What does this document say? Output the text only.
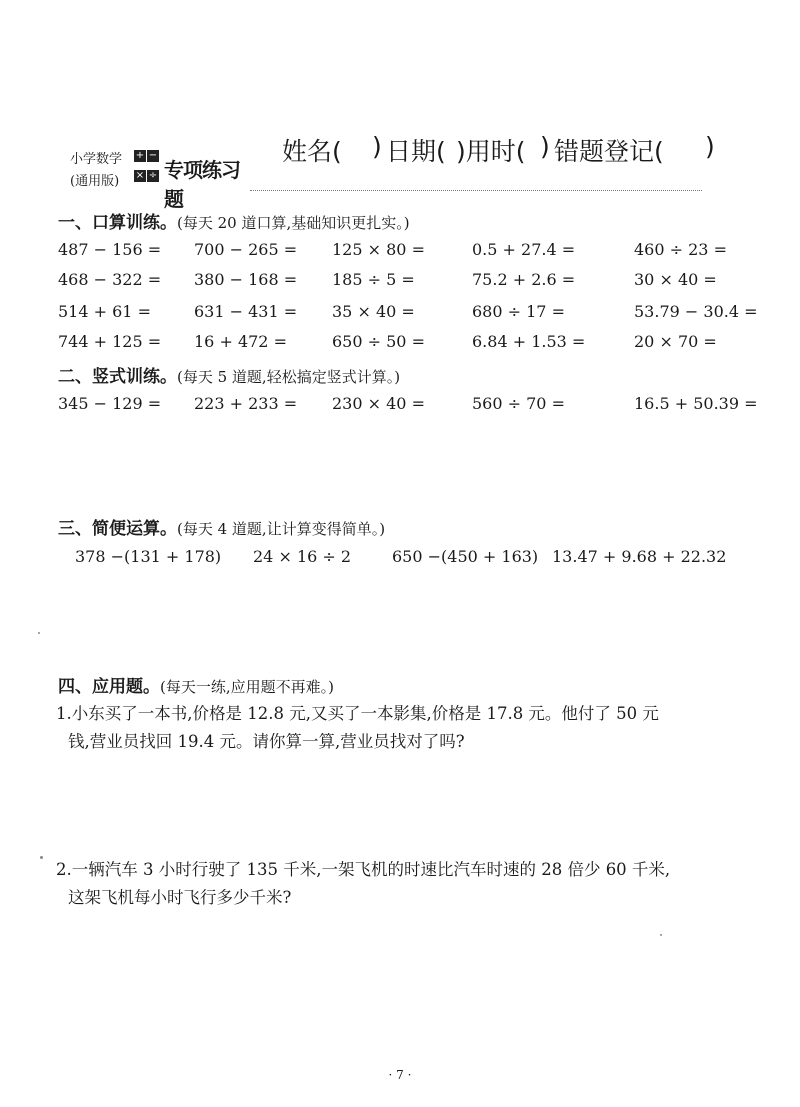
小学数学
(通用版)
+ −
× ÷ 专项练习题
姓名( ) 日期( )用时( ) 错题登记( )
一、口算训练。(每天 20 道口算,基础知识更扎实。)
487 − 156 = 700 − 265 = 125 × 80 =	0.5 + 27.4 =	460 ÷ 23 =
468 − 322 = 380 − 168 = 185 ÷ 5 =	75.2 + 2.6 =	30 × 40 =
514 + 61 =	631 − 431 = 35 × 40 =	680 ÷ 17 =	53.79 − 30.4 =
744 + 125 = 16 + 472 =	650 ÷ 50 =	6.84 + 1.53 =	20 × 70 =
二、竖式训练。(每天 5 道题,轻松搞定竖式计算。)
345 − 129 = 223 + 233 = 230 × 40 =	560 ÷ 70 =	16.5 + 50.39 =
三、简便运算。(每天 4 道题,让计算变得简单。)
378 −(131 + 178) 24 × 16 ÷ 2	650 −(450 + 163) 13.47 + 9.68 + 22.32
四、应用题。(每天一练,应用题不再难。)
1.小东买了一本书,价格是 12.8 元,又买了一本影集,价格是 17.8 元。他付了 50 元
钱,营业员找回 19.4 元。请你算一算,营业员找对了吗?
2.一辆汽车 3 小时行驶了 135 千米,一架飞机的时速比汽车时速的 28 倍少 60 千米,
这架飞机每小时飞行多少千米?
· 7 ·
